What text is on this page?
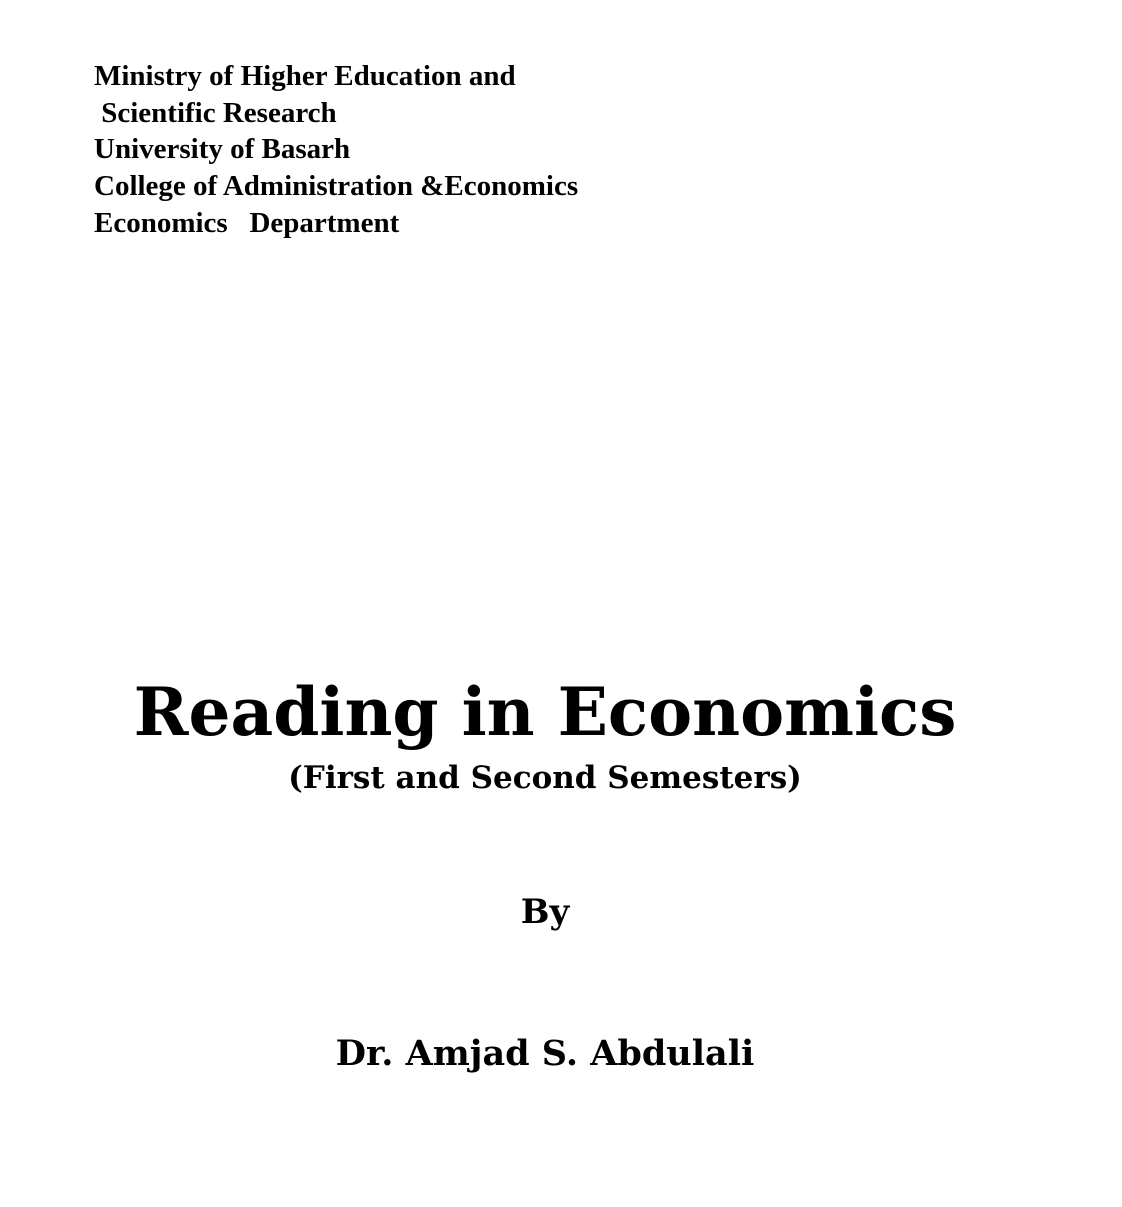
Ministry of Higher Education and
Scientific Research
University of Basarh
College of Administration &Economics
Economics   Department
Reading in Economics
(First and Second Semesters)
By
Dr. Amjad S. Abdulali
